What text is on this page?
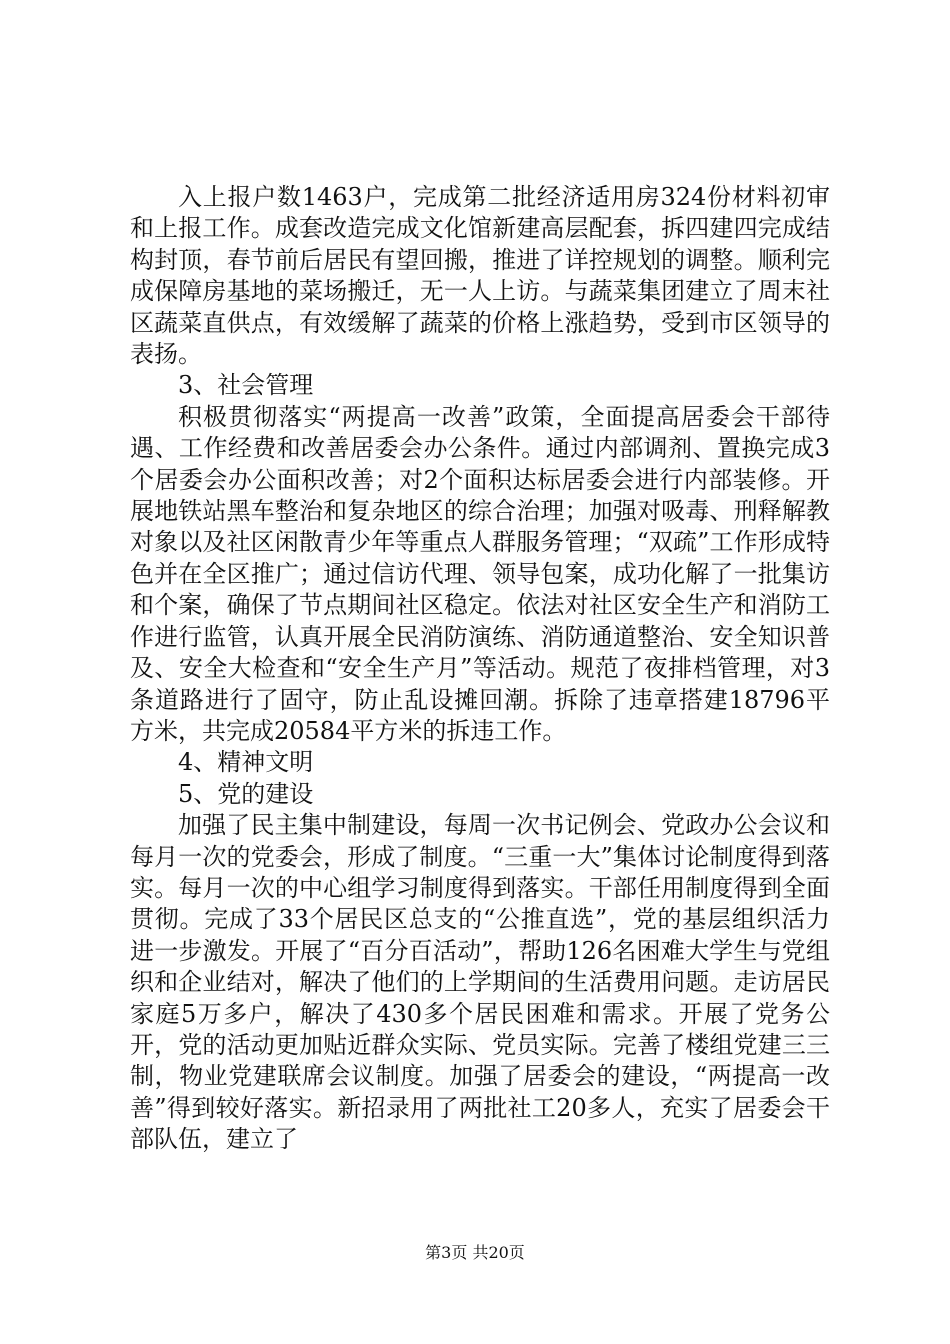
入上报户数1463户，完成第二批经济适用房324份材料初审和上报工作。成套改造完成文化馆新建高层配套，拆四建四完成结构封顶，春节前后居民有望回搬，推进了详控规划的调整。顺利完成保障房基地的菜场搬迁，无一人上访。与蔬菜集团建立了周末社区蔬菜直供点，有效缓解了蔬菜的价格上涨趋势，受到市区领导的表扬。

3、社会管理

积极贯彻落实“两提高一改善”政策，全面提高居委会干部待遇、工作经费和改善居委会办公条件。通过内部调剂、置换完成3个居委会办公面积改善；对2个面积达标居委会进行内部装修。开展地铁站黑车整治和复杂地区的综合治理；加强对吸毒、刑释解教对象以及社区闲散青少年等重点人群服务管理；“双疏”工作形成特色并在全区推广；通过信访代理、领导包案，成功化解了一批集访和个案，确保了节点期间社区稳定。依法对社区安全生产和消防工作进行监管，认真开展全民消防演练、消防通道整治、安全知识普及、安全大检查和“安全生产月”等活动。规范了夜排档管理，对3条道路进行了固守，防止乱设摊回潮。拆除了违章搭建18796平方米，共完成20584平方米的拆违工作。

4、精神文明

5、党的建设

加强了民主集中制建设，每周一次书记例会、党政办公会议和每月一次的党委会，形成了制度。“三重一大”集体讨论制度得到落实。每月一次的中心组学习制度得到落实。干部任用制度得到全面贯彻。完成了33个居民区总支的“公推直选”，党的基层组织活力进一步激发。开展了“百分百活动”，帮助126名困难大学生与党组织和企业结对，解决了他们的上学期间的生活费用问题。走访居民家庭5万多户，解决了430多个居民困难和需求。开展了党务公开，党的活动更加贴近群众实际、党员实际。完善了楼组党建三三制，物业党建联席会议制度。加强了居委会的建设，“两提高一改善”得到较好落实。新招录用了两批社工20多人，充实了居委会干部队伍，建立了

第3页 共20页
